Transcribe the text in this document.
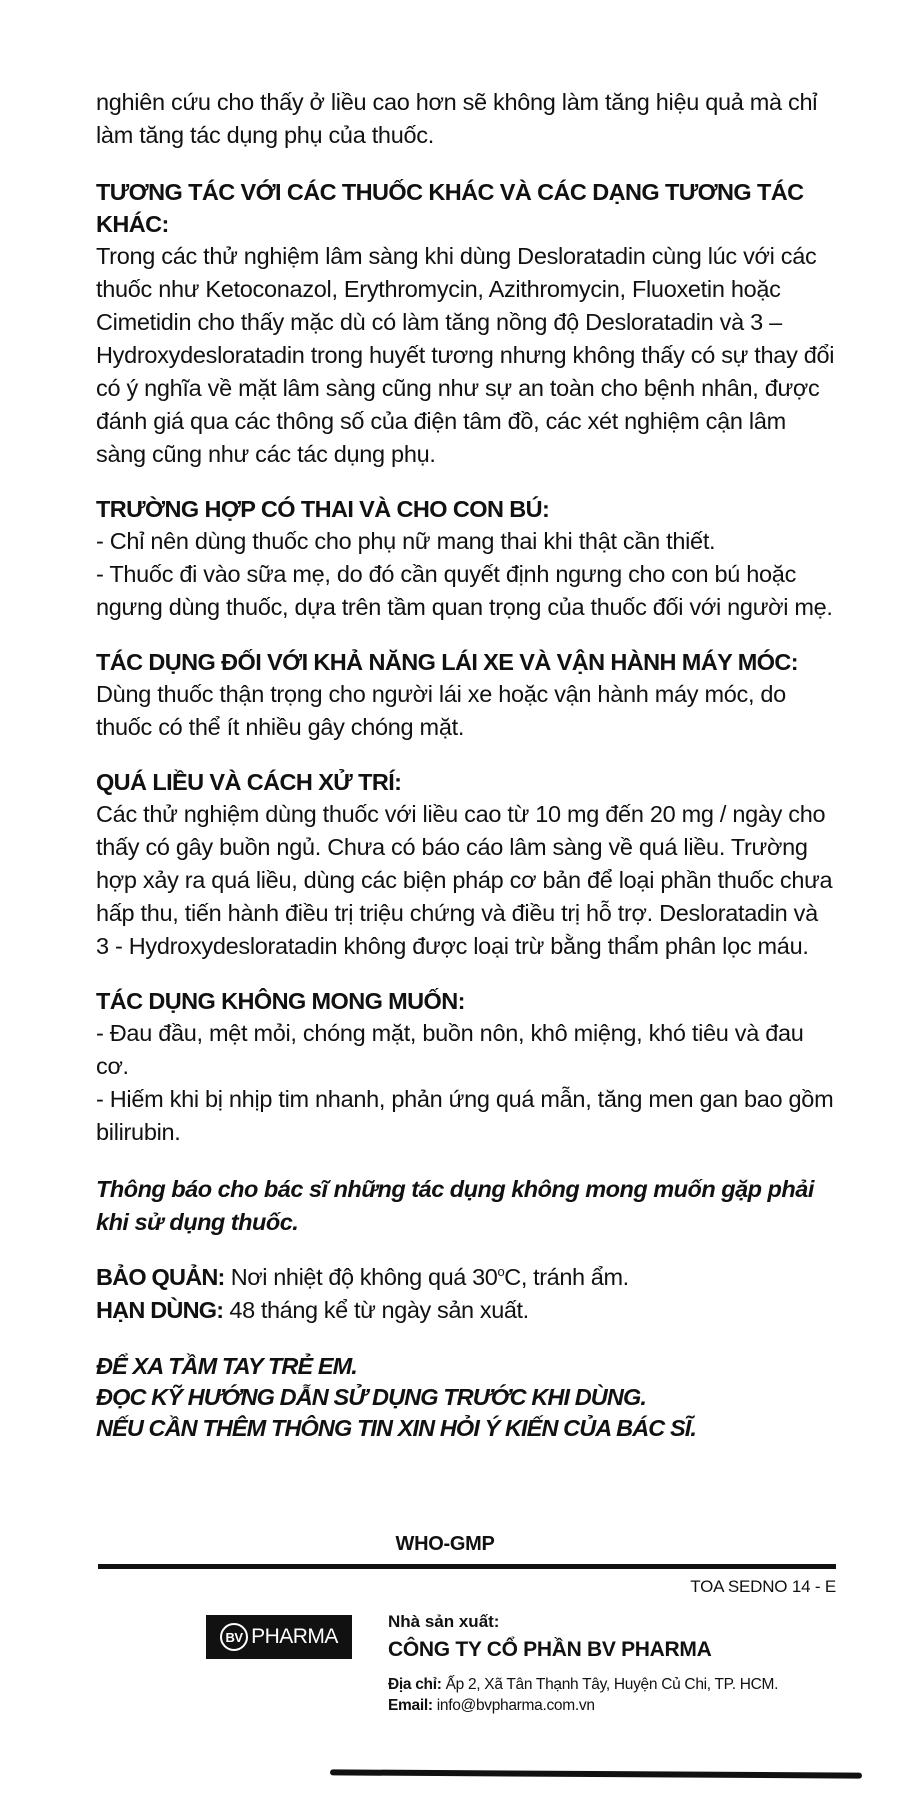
nghiên cứu cho thấy ở liều cao hơn sẽ không làm tăng hiệu quả mà chỉ làm tăng tác dụng phụ của thuốc.

TƯƠNG TÁC VỚI CÁC THUỐC KHÁC VÀ CÁC DẠNG TƯƠNG TÁC KHÁC:

Trong các thử nghiệm lâm sàng khi dùng Desloratadin cùng lúc với các thuốc như Ketoconazol, Erythromycin, Azithromycin, Fluoxetin hoặc Cimetidin cho thấy mặc dù có làm tăng nồng độ Desloratadin và 3 – Hydroxydesloratadin trong huyết tương nhưng không thấy có sự thay đổi có ý nghĩa về mặt lâm sàng cũng như sự an toàn cho bệnh nhân, được đánh giá qua các thông số của điện tâm đồ, các xét nghiệm cận lâm sàng cũng như các tác dụng phụ.

TRƯỜNG HỢP CÓ THAI VÀ CHO CON BÚ:

- Chỉ nên dùng thuốc cho phụ nữ mang thai khi thật cần thiết.

- Thuốc đi vào sữa mẹ, do đó cần quyết định ngưng cho con bú hoặc ngưng dùng thuốc, dựa trên tầm quan trọng của thuốc đối với người mẹ.

TÁC DỤNG ĐỐI VỚI KHẢ NĂNG LÁI XE VÀ VẬN HÀNH MÁY MÓC:

Dùng thuốc thận trọng cho người lái xe hoặc vận hành máy móc, do thuốc có thể ít nhiều gây chóng mặt.

QUÁ LIỀU VÀ CÁCH XỬ TRÍ:

Các thử nghiệm dùng thuốc với liều cao từ 10 mg đến 20 mg / ngày cho thấy có gây buồn ngủ. Chưa có báo cáo lâm sàng về quá liều. Trường hợp xảy ra quá liều, dùng các biện pháp cơ bản để loại phần thuốc chưa hấp thu, tiến hành điều trị triệu chứng và điều trị hỗ trợ. Desloratadin và 3 - Hydroxydesloratadin không được loại trừ bằng thẩm phân lọc máu.

TÁC DỤNG KHÔNG MONG MUỐN:

- Đau đầu, mệt mỏi, chóng mặt, buồn nôn, khô miệng, khó tiêu và đau cơ.

- Hiếm khi bị nhịp tim nhanh, phản ứng quá mẫn, tăng men gan bao gồm bilirubin.

Thông báo cho bác sĩ những tác dụng không mong muốn gặp phải khi sử dụng thuốc.

BẢO QUẢN: Nơi nhiệt độ không quá 30$^o$C, tránh ẩm.

HẠN DÙNG: 48 tháng kể từ ngày sản xuất.

ĐỂ XA TẦM TAY TRẺ EM.

ĐỌC KỸ HƯỚNG DẪN SỬ DỤNG TRƯỚC KHI DÙNG.

NẾU CẦN THÊM THÔNG TIN XIN HỎI Ý KIẾN CỦA BÁC SĨ.

WHO-GMP
TOA SEDNO 14 - E
BV PHARMA

Nhà sản xuất:

CÔNG TY CỔ PHẦN BV PHARMA

Địa chỉ: Ấp 2, Xã Tân Thạnh Tây, Huyện Củ Chi, TP. HCM.

Email: info@bvpharma.com.vn
